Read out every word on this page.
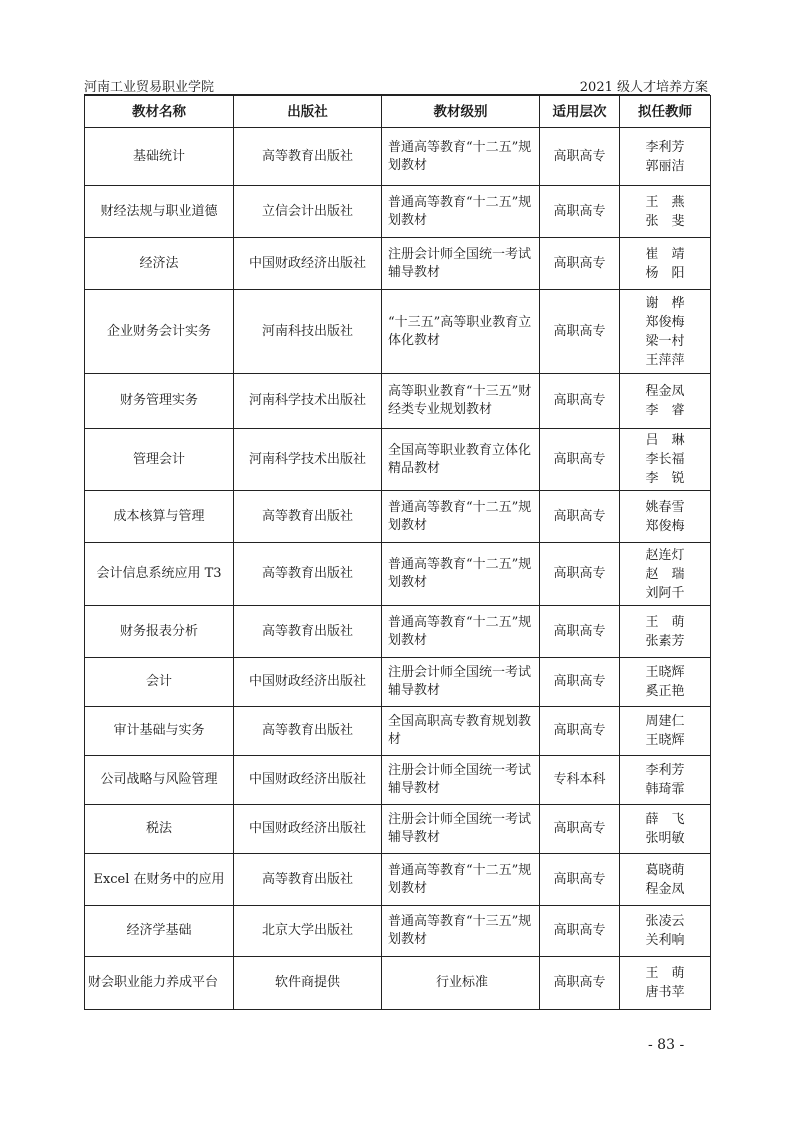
河南工业贸易职业学院	2021 级人才培养方案
教材名称	出版社	教材级别	适用层次	拟任教师
基础统计	高等教育出版社	普通高等教育“十二五”规划教材	高职高专	李利芳
郭丽洁

财经法规与职业道德	立信会计出版社	普通高等教育“十二五”规划教材	高职高专	王　燕
张　斐

经济法	中国财政经济出版社	注册会计师全国统一考试辅导教材	高职高专	崔　靖
杨　阳

企业财务会计实务	河南科技出版社	“十三五”高等职业教育立体化教材	高职高专	谢　桦
郑俊梅
梁一村
王萍萍

财务管理实务	河南科学技术出版社	高等职业教育“十三五”财经类专业规划教材	高职高专	程金凤
李　睿

管理会计	河南科学技术出版社	全国高等职业教育立体化精品教材	高职高专	吕　琳
李长福
李　锐

成本核算与管理	高等教育出版社	普通高等教育“十二五”规划教材	高职高专	姚春雪
郑俊梅

会计信息系统应用 T3	高等教育出版社	普通高等教育“十二五”规划教材	高职高专	赵连灯
赵　瑞
刘阿千

财务报表分析	高等教育出版社	普通高等教育“十二五”规划教材	高职高专	王　萌
张素芳

会计	中国财政经济出版社	注册会计师全国统一考试辅导教材	高职高专	王晓辉
奚正艳

审计基础与实务	高等教育出版社	全国高职高专教育规划教材	高职高专	周建仁
王晓辉

公司战略与风险管理	中国财政经济出版社	注册会计师全国统一考试辅导教材	专科本科	李利芳
韩琦霏

税法	中国财政经济出版社	注册会计师全国统一考试辅导教材	高职高专	薛　飞
张明敏

Excel 在财务中的应用	高等教育出版社	普通高等教育“十二五”规划教材	高职高专	葛晓萌
程金凤

经济学基础	北京大学出版社	普通高等教育“十三五”规划教材	高职高专	张凌云
关利响

财会职业能力养成平台	软件商提供	行业标准	高职高专	王　萌
唐书苹
- 83 -
